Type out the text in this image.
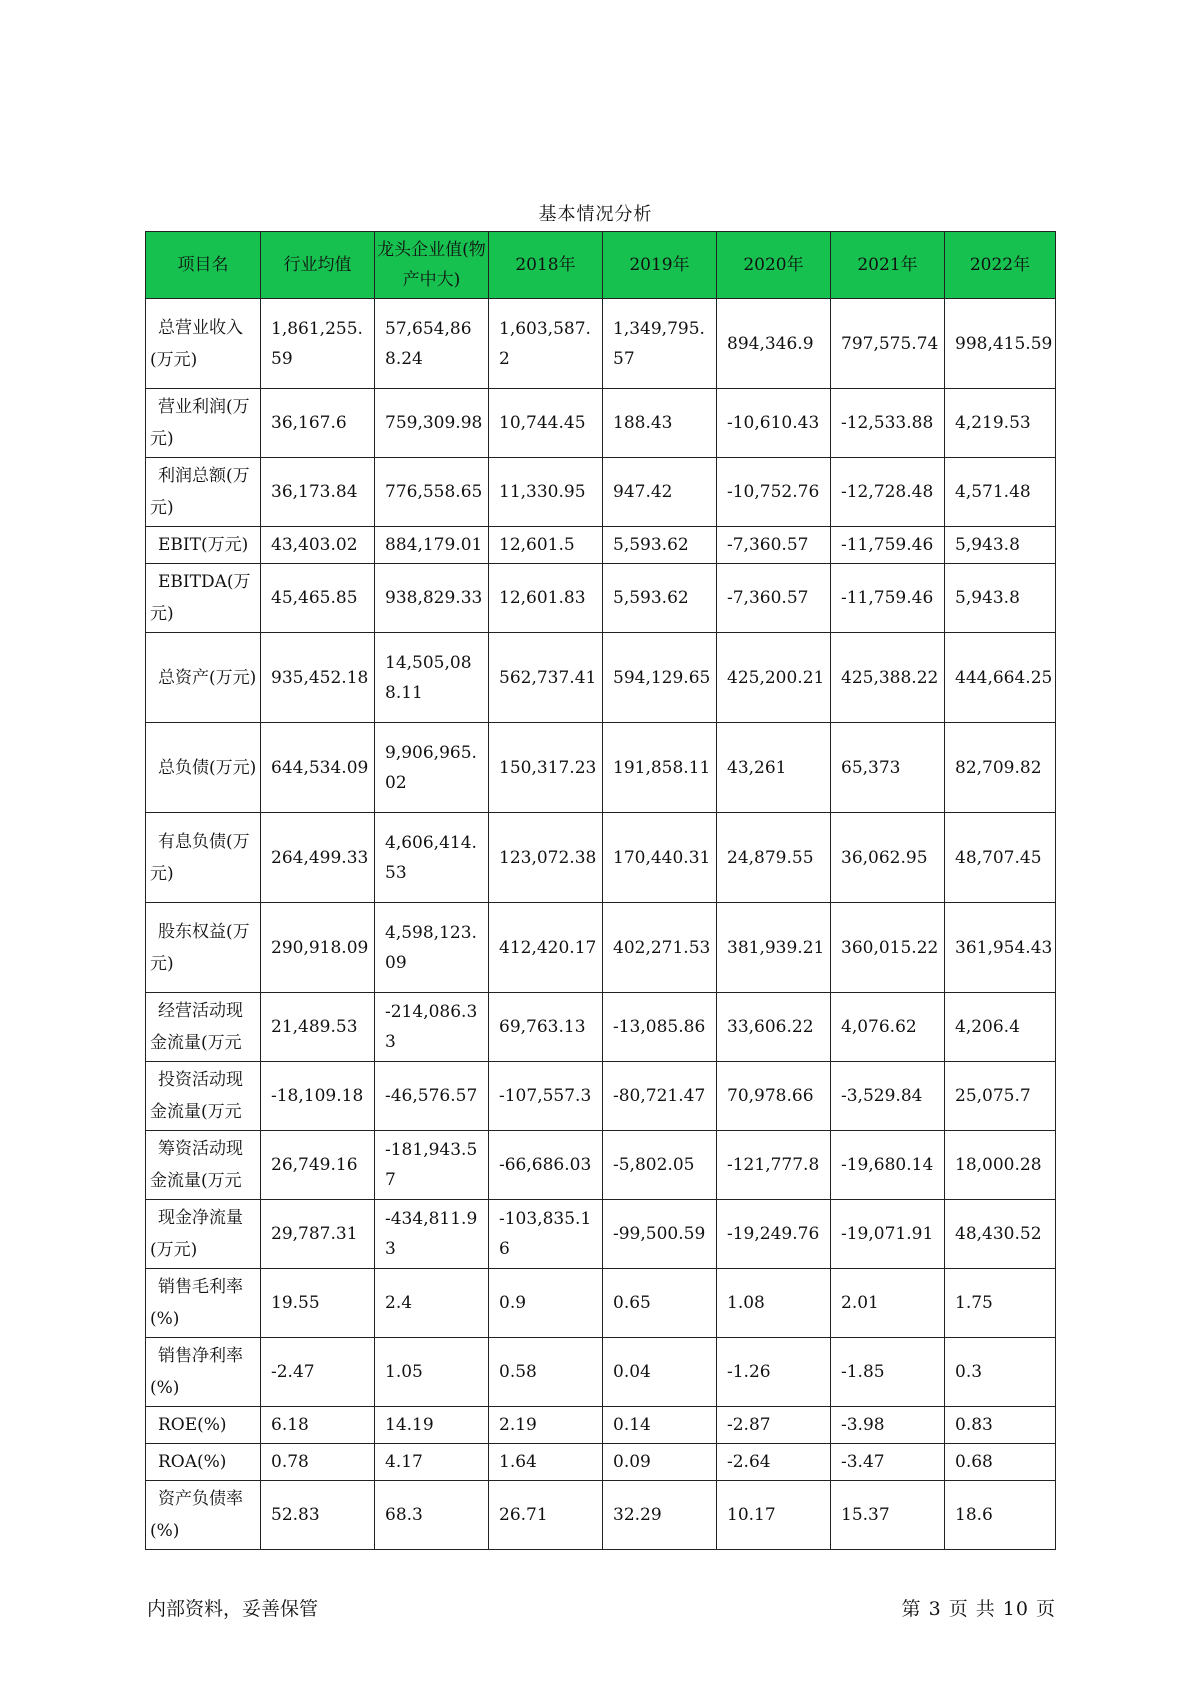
基本情况分析
项目名	行业均值	龙头企业值(物产中大)	2018年	2019年	2020年	2021年	2022年
总营业收入(万元)	1,861,255.59	57,654,868.24	1,603,587.2	1,349,795.57	894,346.9	797,575.74	998,415.59
营业利润(万元)	36,167.6	759,309.98	10,744.45	188.43	-10,610.43	-12,533.88	4,219.53
利润总额(万元)	36,173.84	776,558.65	11,330.95	947.42	-10,752.76	-12,728.48	4,571.48
EBIT(万元)	43,403.02	884,179.01	12,601.5	5,593.62	-7,360.57	-11,759.46	5,943.8
EBITDA(万元)	45,465.85	938,829.33	12,601.83	5,593.62	-7,360.57	-11,759.46	5,943.8
总资产(万元)	935,452.18	14,505,088.11	562,737.41	594,129.65	425,200.21	425,388.22	444,664.25
总负债(万元)	644,534.09	9,906,965.02	150,317.23	191,858.11	43,261	65,373	82,709.82
有息负债(万元)	264,499.33	4,606,414.53	123,072.38	170,440.31	24,879.55	36,062.95	48,707.45
股东权益(万元)	290,918.09	4,598,123.09	412,420.17	402,271.53	381,939.21	360,015.22	361,954.43
经营活动现金流量(万元	21,489.53	-214,086.33	69,763.13	-13,085.86	33,606.22	4,076.62	4,206.4
投资活动现金流量(万元	-18,109.18	-46,576.57	-107,557.3	-80,721.47	70,978.66	-3,529.84	25,075.7
筹资活动现金流量(万元	26,749.16	-181,943.57	-66,686.03	-5,802.05	-121,777.8	-19,680.14	18,000.28
现金净流量(万元)	29,787.31	-434,811.93	-103,835.16	-99,500.59	-19,249.76	-19,071.91	48,430.52
销售毛利率(%)	19.55	2.4	0.9	0.65	1.08	2.01	1.75
销售净利率(%)	-2.47	1.05	0.58	0.04	-1.26	-1.85	0.3
ROE(%)	6.18	14.19	2.19	0.14	-2.87	-3.98	0.83
ROA(%)	0.78	4.17	1.64	0.09	-2.64	-3.47	0.68
资产负债率(%)	52.83	68.3	26.71	32.29	10.17	15.37	18.6
内部资料，妥善保管	第 3 页 共 10 页
